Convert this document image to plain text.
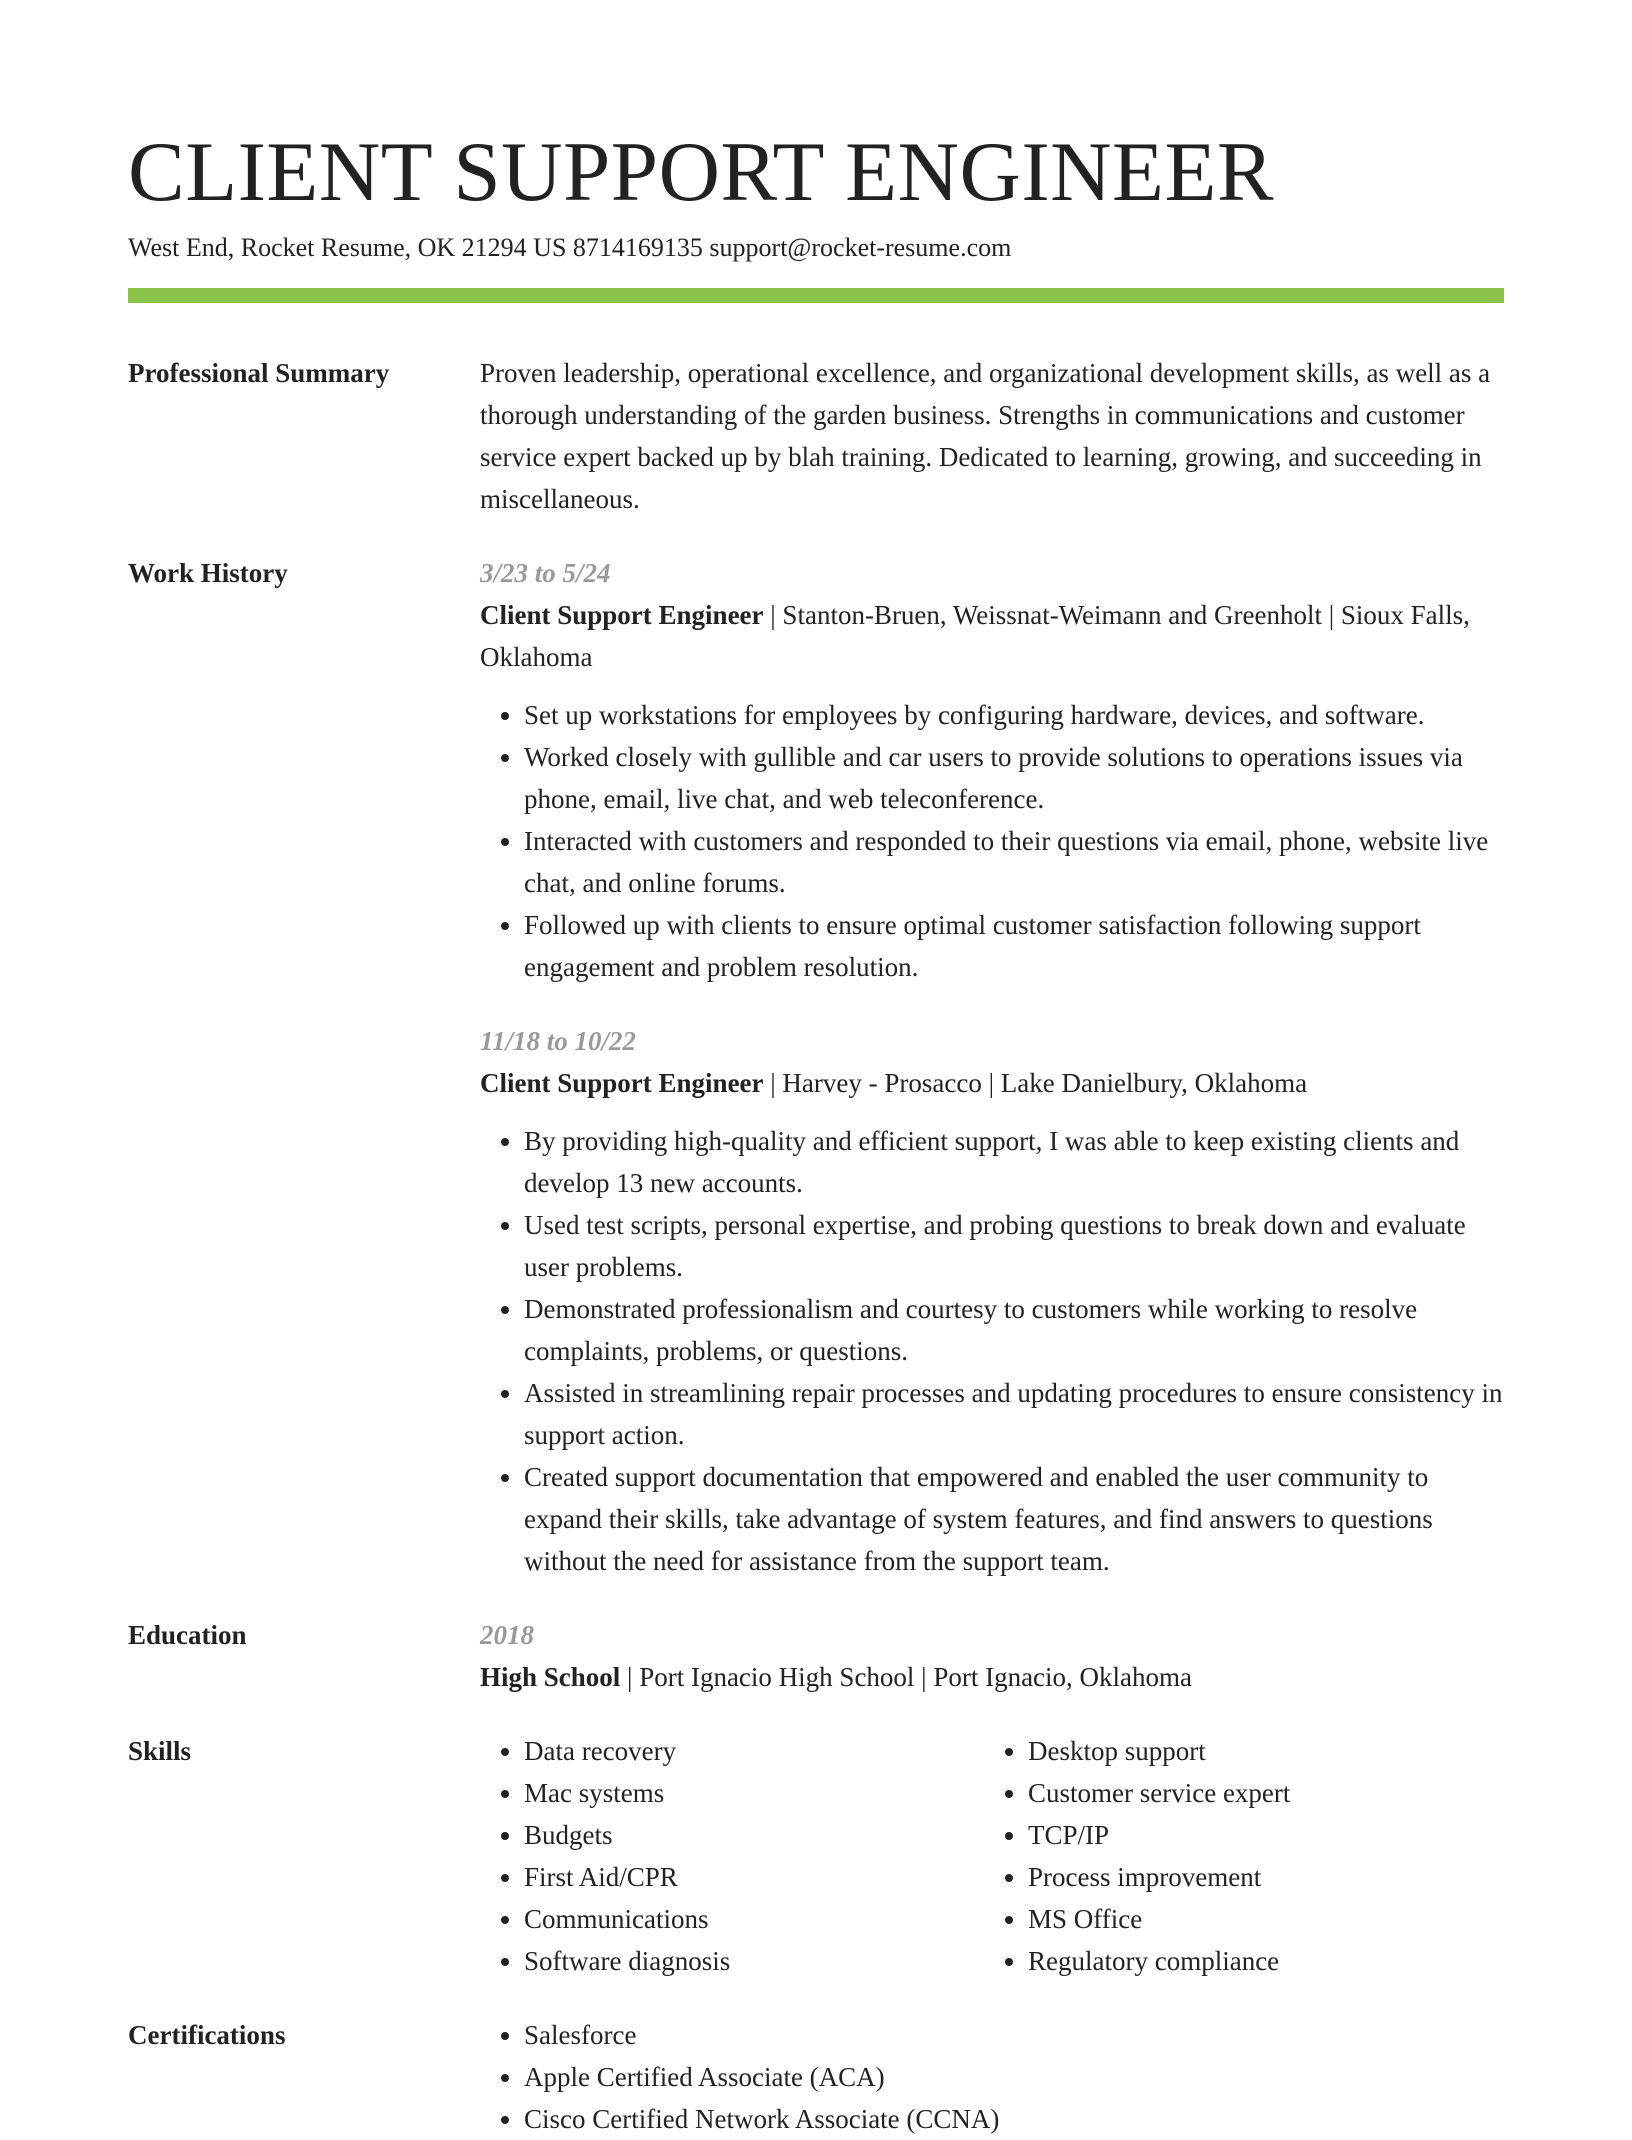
CLIENT SUPPORT ENGINEER
West End, Rocket Resume, OK 21294 US 8714169135 support@rocket-resume.com
Professional Summary	Proven leadership, operational excellence, and organizational development skills, as well as a thorough understanding of the garden business. Strengths in communications and customer service expert backed up by blah training. Dedicated to learning, growing, and succeeding in miscellaneous.
Work History	3/23 to 5/24
Client Support Engineer | Stanton-Bruen, Weissnat-Weimann and Greenholt | Sioux Falls, Oklahoma
• Set up workstations for employees by configuring hardware, devices, and software.
• Worked closely with gullible and car users to provide solutions to operations issues via phone, email, live chat, and web teleconference.
• Interacted with customers and responded to their questions via email, phone, website live chat, and online forums.
• Followed up with clients to ensure optimal customer satisfaction following support engagement and problem resolution.
11/18 to 10/22
Client Support Engineer | Harvey - Prosacco | Lake Danielbury, Oklahoma
• By providing high-quality and efficient support, I was able to keep existing clients and develop 13 new accounts.
• Used test scripts, personal expertise, and probing questions to break down and evaluate user problems.
• Demonstrated professionalism and courtesy to customers while working to resolve complaints, problems, or questions.
• Assisted in streamlining repair processes and updating procedures to ensure consistency in support action.
• Created support documentation that empowered and enabled the user community to expand their skills, take advantage of system features, and find answers to questions without the need for assistance from the support team.
Education	2018
High School | Port Ignacio High School | Port Ignacio, Oklahoma
Skills	• Data recovery
• Mac systems
• Budgets
• First Aid/CPR
• Communications
• Software diagnosis
• Desktop support
• Customer service expert
• TCP/IP
• Process improvement
• MS Office
• Regulatory compliance
Certifications	• Salesforce
• Apple Certified Associate (ACA)
• Cisco Certified Network Associate (CCNA)
